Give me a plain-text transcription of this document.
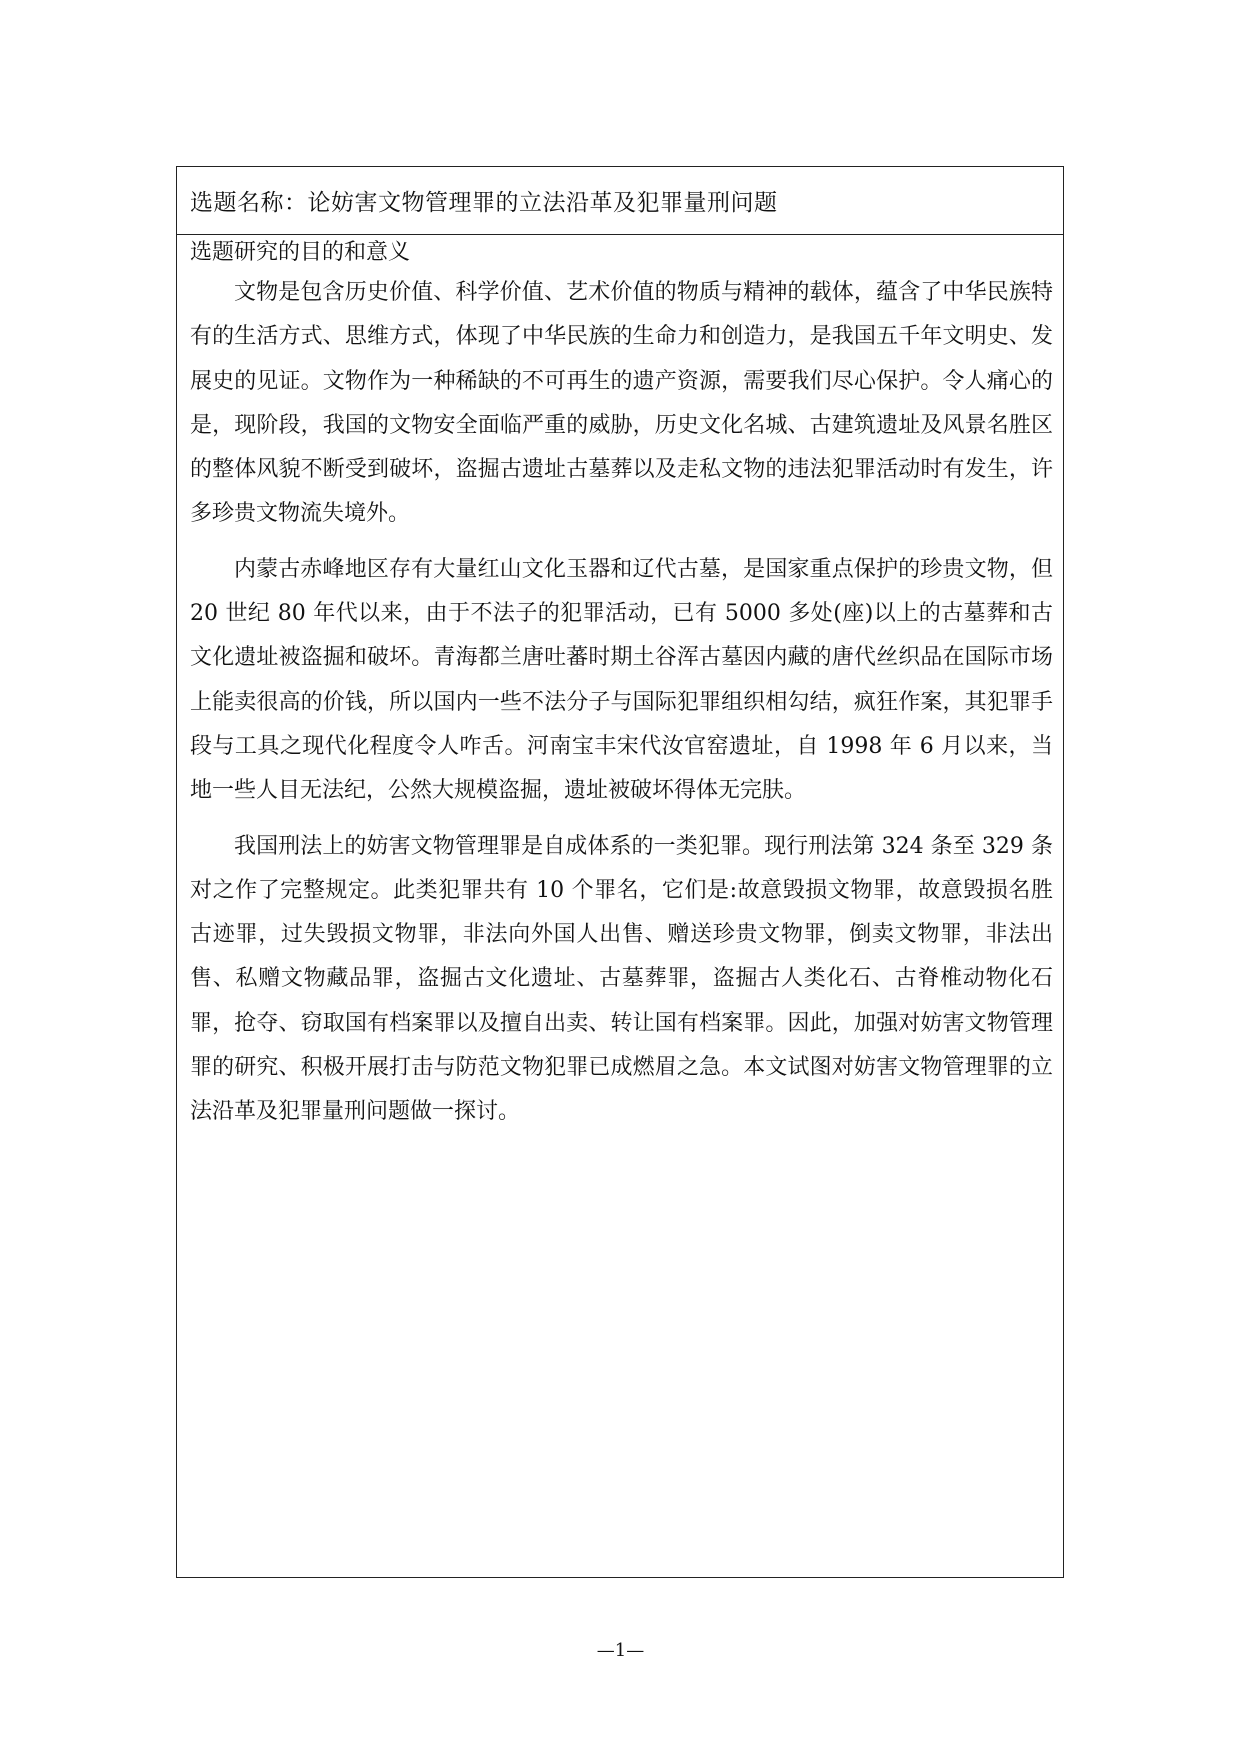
选题名称：论妨害文物管理罪的立法沿革及犯罪量刑问题
选题研究的目的和意义

文物是包含历史价值、科学价值、艺术价值的物质与精神的载体，蕴含了中华民族特有的生活方式、思维方式，体现了中华民族的生命力和创造力，是我国五千年文明史、发展史的见证。文物作为一种稀缺的不可再生的遗产资源，需要我们尽心保护。令人痛心的是，现阶段，我国的文物安全面临严重的威胁，历史文化名城、古建筑遗址及风景名胜区的整体风貌不断受到破坏，盗掘古遗址古墓葬以及走私文物的违法犯罪活动时有发生，许多珍贵文物流失境外。

内蒙古赤峰地区存有大量红山文化玉器和辽代古墓，是国家重点保护的珍贵文物，但 20 世纪 80 年代以来，由于不法子的犯罪活动，已有 5000 多处(座)以上的古墓葬和古文化遗址被盗掘和破坏。青海都兰唐吐蕃时期土谷浑古墓因内藏的唐代丝织品在国际市场上能卖很高的价钱，所以国内一些不法分子与国际犯罪组织相勾结，疯狂作案，其犯罪手段与工具之现代化程度令人咋舌。河南宝丰宋代汝官窑遗址，自 1998 年 6 月以来，当地一些人目无法纪，公然大规模盗掘，遗址被破坏得体无完肤。

我国刑法上的妨害文物管理罪是自成体系的一类犯罪。现行刑法第 324 条至 329 条对之作了完整规定。此类犯罪共有 10 个罪名，它们是:故意毁损文物罪，故意毁损名胜古迹罪，过失毁损文物罪，非法向外国人出售、赠送珍贵文物罪，倒卖文物罪，非法出售、私赠文物藏品罪，盗掘古文化遗址、古墓葬罪，盗掘古人类化石、古脊椎动物化石罪，抢夺、窃取国有档案罪以及擅自出卖、转让国有档案罪。因此，加强对妨害文物管理罪的研究、积极开展打击与防范文物犯罪已成燃眉之急。本文试图对妨害文物管理罪的立法沿革及犯罪量刑问题做一探讨。

—1—
